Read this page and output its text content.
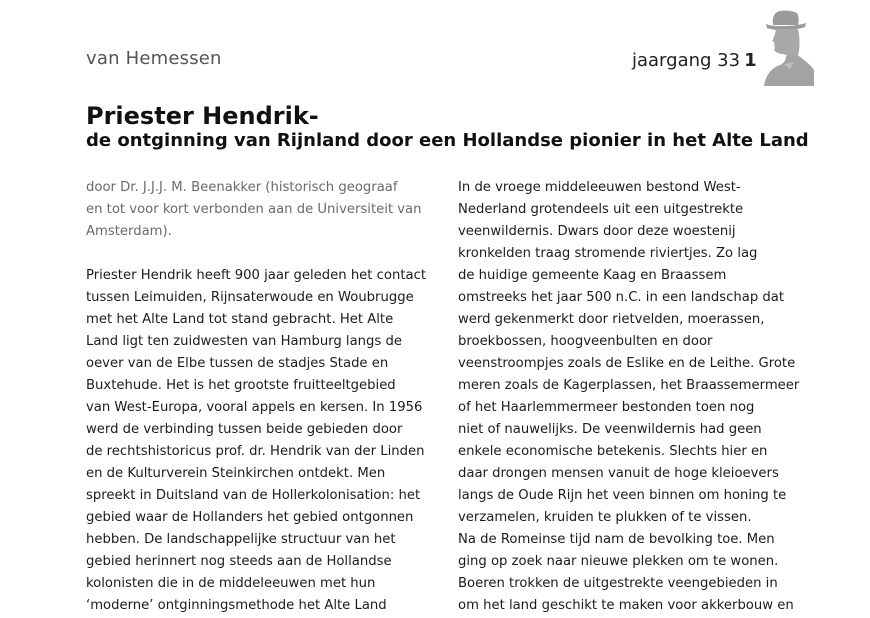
van Hemessen	jaargang 33 1
Priester Hendrik-
de ontginning van Rijnland door een Hollandse pionier in het Alte Land
door Dr. J.J.J. M. Beenakker (historisch geograaf
en tot voor kort verbonden aan de Universiteit van
Amsterdam).
Priester Hendrik heeft 900 jaar geleden het contact
tussen Leimuiden, Rijnsaterwoude en Woubrugge
met het Alte Land tot stand gebracht. Het Alte
Land ligt ten zuidwesten van Hamburg langs de
oever van de Elbe tussen de stadjes Stade en
Buxtehude. Het is het grootste fruitteeltgebied
van West-Europa, vooral appels en kersen. In 1956
werd de verbinding tussen beide gebieden door
de rechtshistoricus prof. dr. Hendrik van der Linden
en de Kulturverein Steinkirchen ontdekt. Men
spreekt in Duitsland van de Hollerkolonisation: het
gebied waar de Hollanders het gebied ontgonnen
hebben. De landschappelijke structuur van het
gebied herinnert nog steeds aan de Hollandse
kolonisten die in de middeleeuwen met hun
‘moderne’ ontginningsmethode het Alte Land
In de vroege middeleeuwen bestond West-
Nederland grotendeels uit een uitgestrekte
veenwildernis. Dwars door deze woestenij
kronkelden traag stromende riviertjes. Zo lag
de huidige gemeente Kaag en Braassem
omstreeks het jaar 500 n.C. in een landschap dat
werd gekenmerkt door rietvelden, moerassen,
broekbossen, hoogveenbulten en door
veenstroompjes zoals de Eslike en de Leithe. Grote
meren zoals de Kagerplassen, het Braassemermeer
of het Haarlemmermeer bestonden toen nog
niet of nauwelijks. De veenwildernis had geen
enkele economische betekenis. Slechts hier en
daar drongen mensen vanuit de hoge kleioevers
langs de Oude Rijn het veen binnen om honing te
verzamelen, kruiden te plukken of te vissen.
Na de Romeinse tijd nam de bevolking toe. Men
ging op zoek naar nieuwe plekken om te wonen.
Boeren trokken de uitgestrekte veengebieden in
om het land geschikt te maken voor akkerbouw en
